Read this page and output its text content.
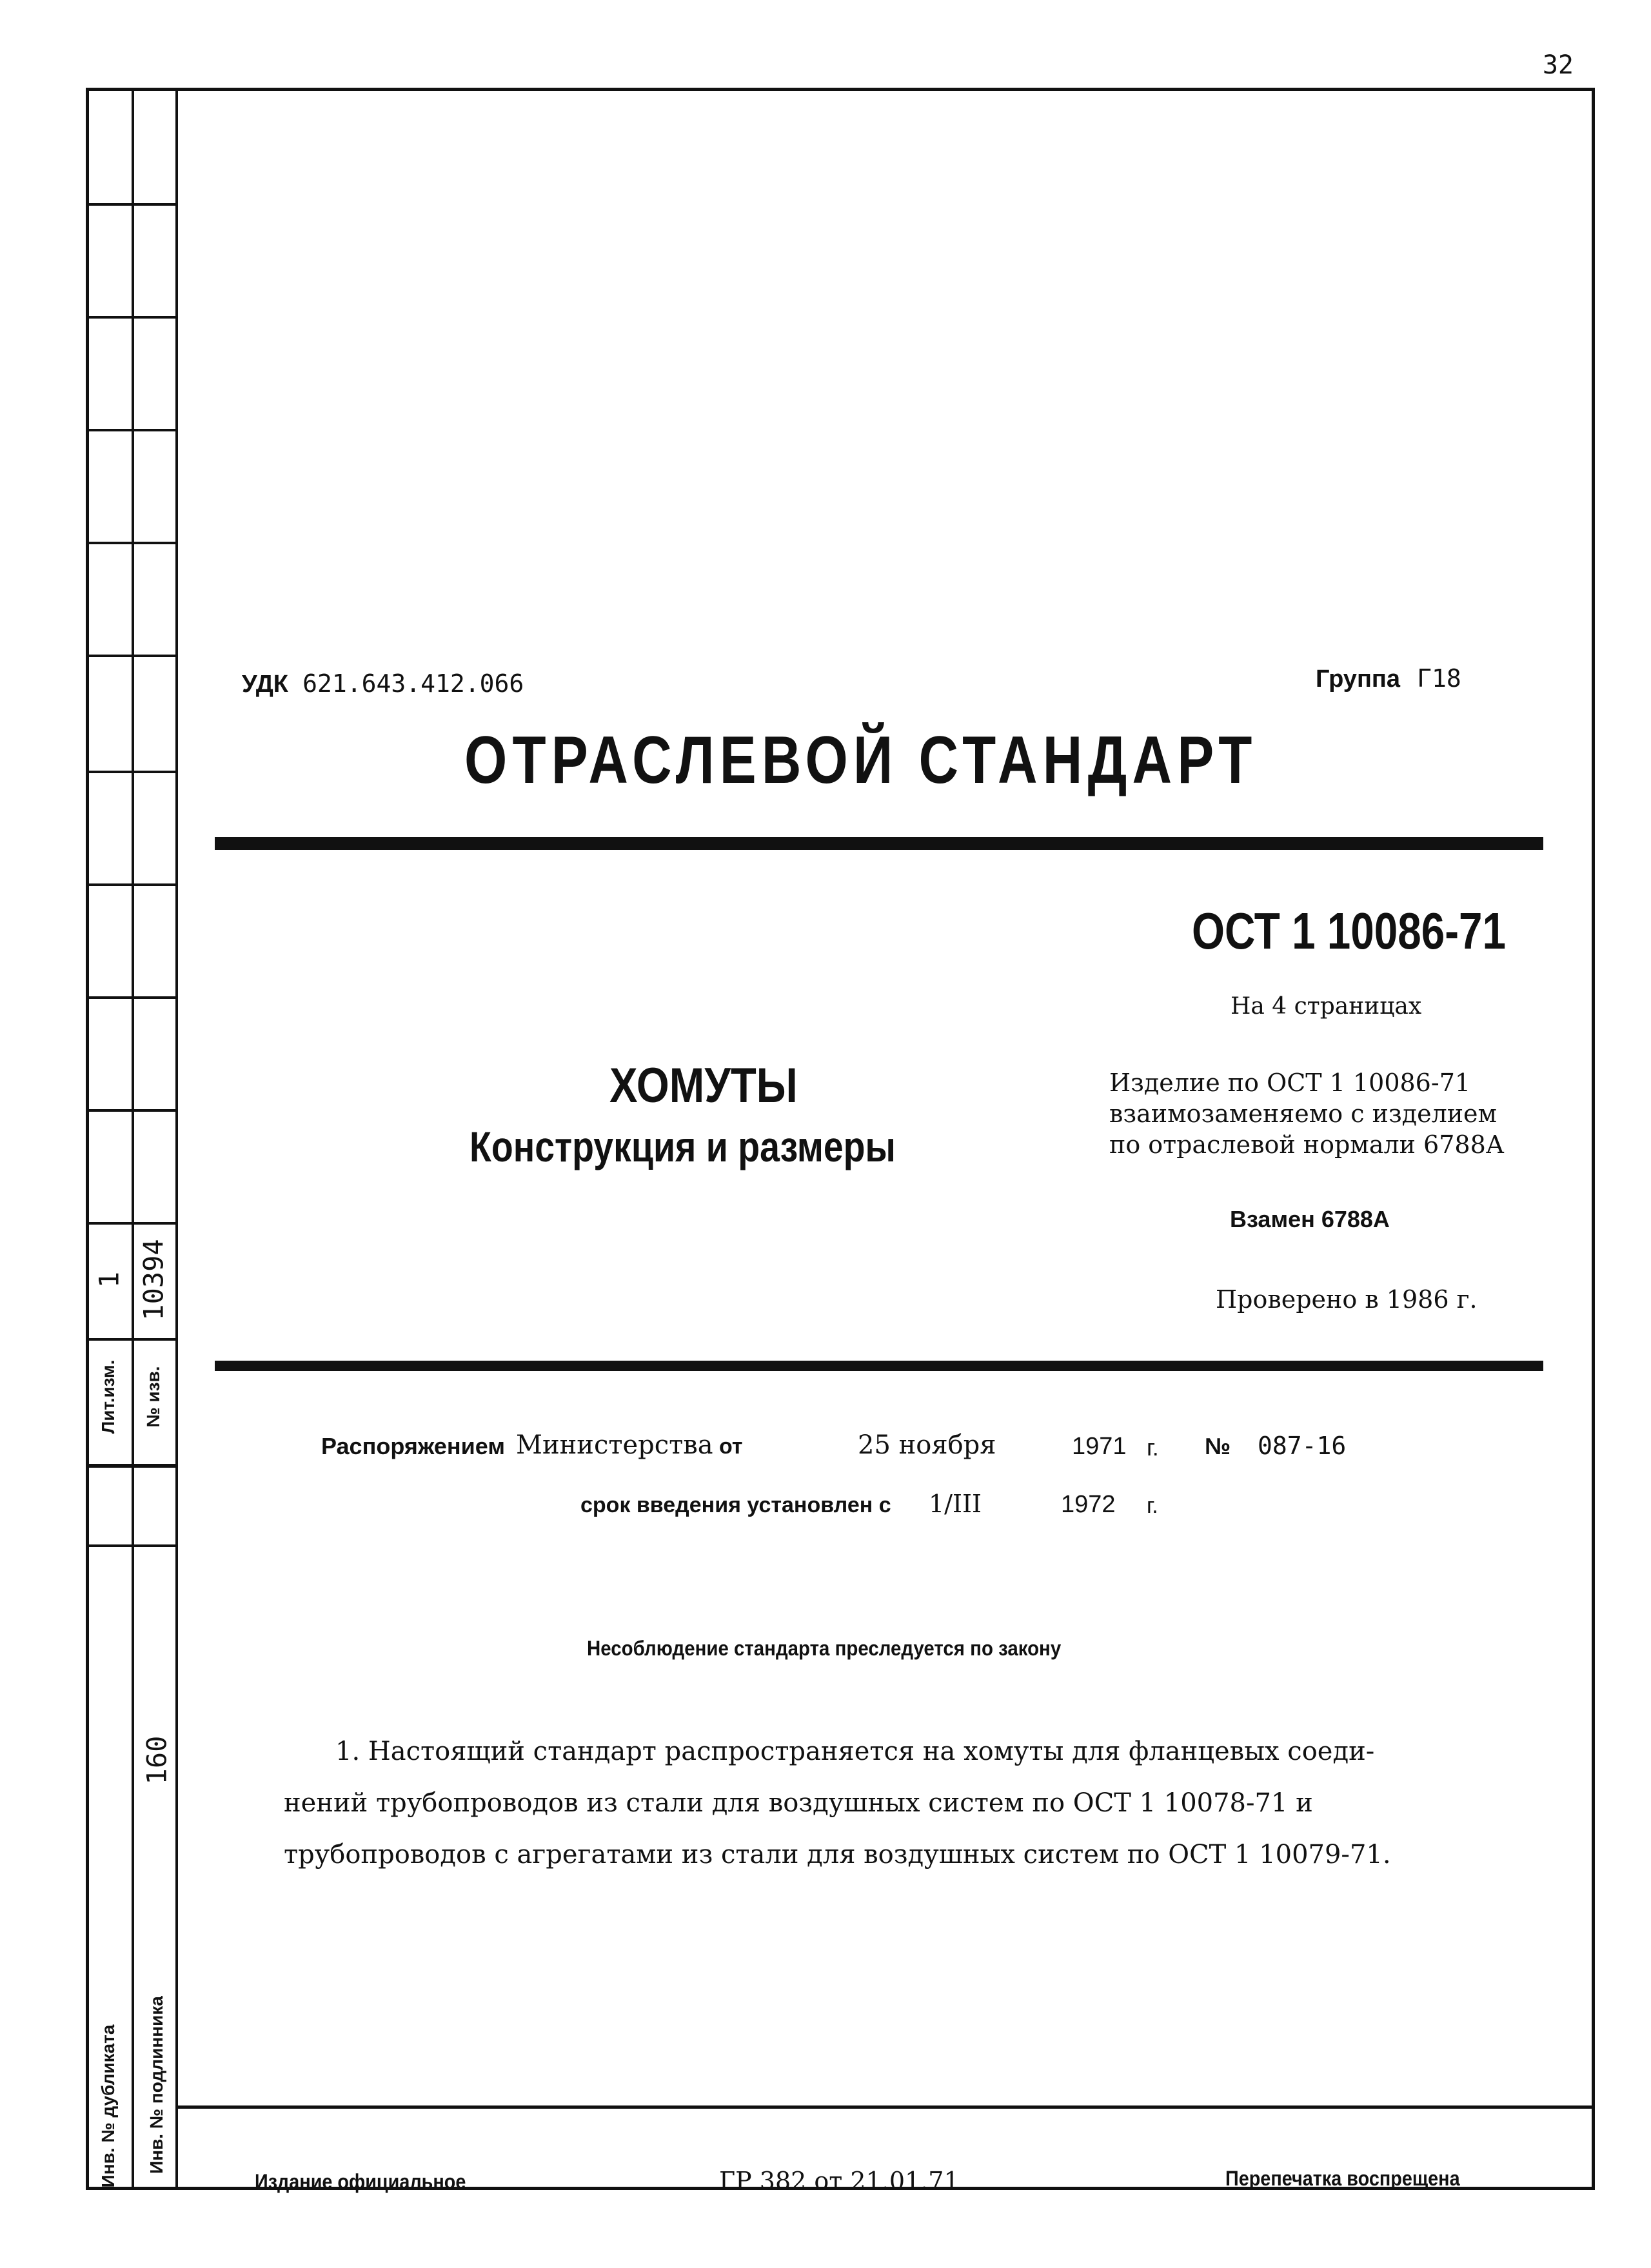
32
Лит.изм.
1
№ изв.
10394
Инв. № дубликата Инв. № подлинника
160
УДК 621.643.412.066	Группа Г18
ОТРАСЛЕВОЙ СТАНДАРТ
ОСТ 1 10086-71
На 4 страницах
ХОМУТЫ
Конструкция и размеры
Изделие по ОСТ 1 10086-71
взаимозаменяемо с изделием
по отраслевой нормали 6788А
Взамен 6788А
Проверено в 1986 г.
Распоряжением Министерства от	25 ноября	1971 г. № 087-16
срок введения установлен с 1/III	1972 г.
Несоблюдение стандарта преследуется по закону
1. Настоящий стандарт распространяется на хомуты для фланцевых соеди-
нений трубопроводов из стали для воздушных систем по ОСТ 1 10078-71 и
трубопроводов с агрегатами из стали для воздушных систем по ОСТ 1 10079-71.
Издание официальное	ГР 382 от 21.01.71	Перепечатка воспрещена
